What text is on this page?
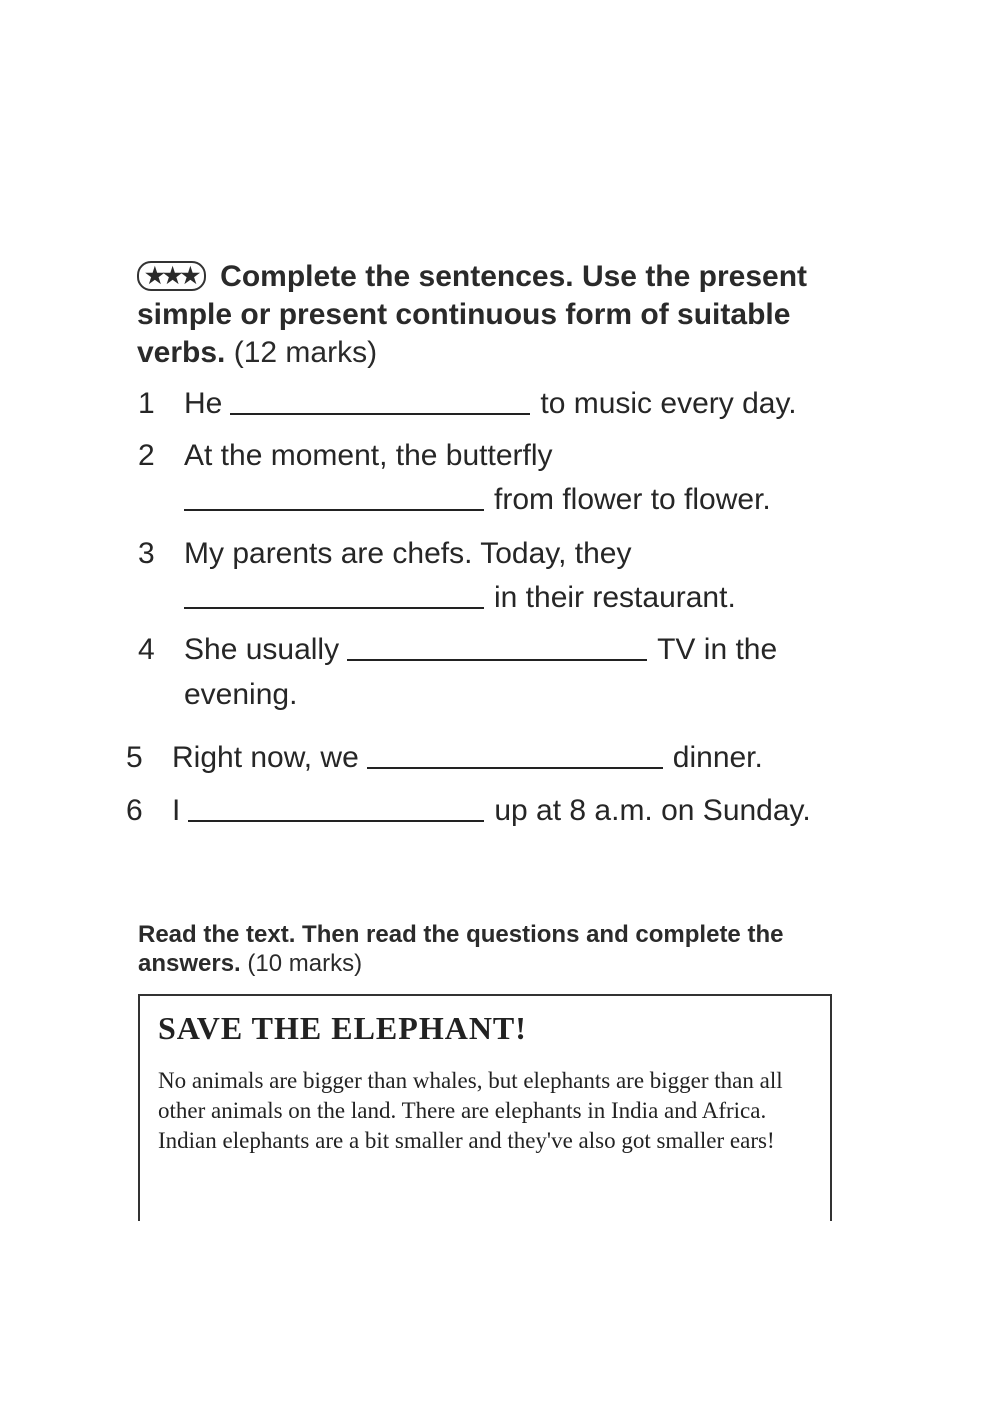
★★★ Complete the sentences. Use the present simple or present continuous form of suitable verbs. (12 marks)
1 He	to music every day.
2 At the moment, the butterfly
from flower to flower.
3 My parents are chefs. Today, they
in their restaurant.
4 She usually	TV in the
evening.
5 Right now, we	dinner.
6 I	up at 8 a.m. on Sunday.
Read the text. Then read the questions and complete the answers. (10 marks)
SAVE THE ELEPHANT!
No animals are bigger than whales, but elephants are bigger than all other animals on the land. There are elephants in India and Africa. Indian elephants are a bit smaller and they've also got smaller ears!
